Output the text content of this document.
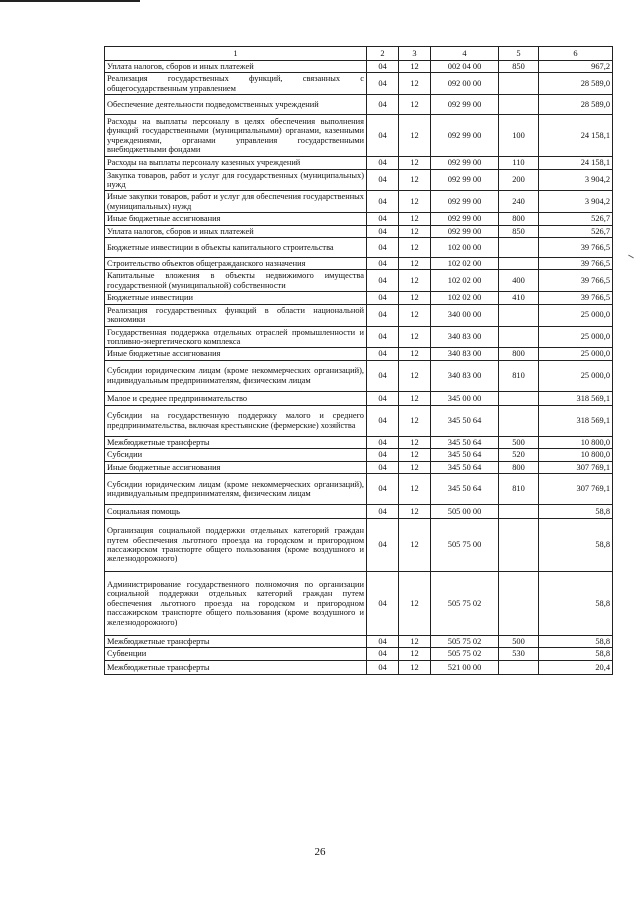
1	2	3	4	5	6
Уплата налогов, сборов и иных платежей	04	12	002 04 00	850	967,2
Реализация государственных функций, связанных с общегосударственным управлением	04	12	092 00 00		28 589,0
Обеспечение деятельности подведомственных учреждений	04	12	092 99 00		28 589,0
Расходы на выплаты персоналу в целях обеспечения выполнения функций государственными (муниципальными) органами, казенными учреждениями, органами управления государственными внебюджетными фондами	04	12	092 99 00	100	24 158,1
Расходы на выплаты персоналу казенных учреждений	04	12	092 99 00	110	24 158,1
Закупка товаров, работ и услуг для государственных (муниципальных) нужд	04	12	092 99 00	200	3 904,2
Иные закупки товаров, работ и услуг для обеспечения государственных (муниципальных) нужд	04	12	092 99 00	240	3 904,2
Иные бюджетные ассигнования	04	12	092 99 00	800	526,7
Уплата налогов, сборов и иных платежей	04	12	092 99 00	850	526,7
Бюджетные инвестиции в объекты капитального строительства	04	12	102 00 00		39 766,5
Строительство объектов общегражданского назначения	04	12	102 02 00		39 766,5
Капитальные вложения в объекты недвижимого имущества государственной (муниципальной) собственности	04	12	102 02 00	400	39 766,5
Бюджетные инвестиции	04	12	102 02 00	410	39 766,5
Реализация государственных функций в области национальной экономики	04	12	340 00 00		25 000,0
Государственная поддержка отдельных отраслей промышленности и топливно-энергетического комплекса	04	12	340 83 00		25 000,0
Иные бюджетные ассигнования	04	12	340 83 00	800	25 000,0
Субсидии юридическим лицам (кроме некоммерческих организаций), индивидуальным предпринимателям, физическим лицам	04	12	340 83 00	810	25 000,0
Малое и среднее предпринимательство	04	12	345 00 00		318 569,1
Субсидии на государственную поддержку малого и среднего предпринимательства, включая крестьянские (фермерские) хозяйства	04	12	345 50 64		318 569,1
Межбюджетные трансферты	04	12	345 50 64	500	10 800,0
Субсидии	04	12	345 50 64	520	10 800,0
Иные бюджетные ассигнования	04	12	345 50 64	800	307 769,1
Субсидии юридическим лицам (кроме некоммерческих организаций), индивидуальным предпринимателям, физическим лицам	04	12	345 50 64	810	307 769,1
Социальная помощь	04	12	505 00 00		58,8
Организация социальной поддержки отдельных категорий граждан путем обеспечения льготного проезда на городском и пригородном пассажирском транспорте общего пользования (кроме воздушного и железнодорожного)	04	12	505 75 00		58,8
Администрирование государственного полномочия по организации социальной поддержки отдельных категорий граждан путем обеспечения льготного проезда на городском и пригородном пассажирском транспорте общего пользования (кроме воздушного и железнодорожного)	04	12	505 75 02		58,8
Межбюджетные трансферты	04	12	505 75 02	500	58,8
Субвенции	04	12	505 75 02	530	58,8
Межбюджетные трансферты	04	12	521 00 00		20,4
26
